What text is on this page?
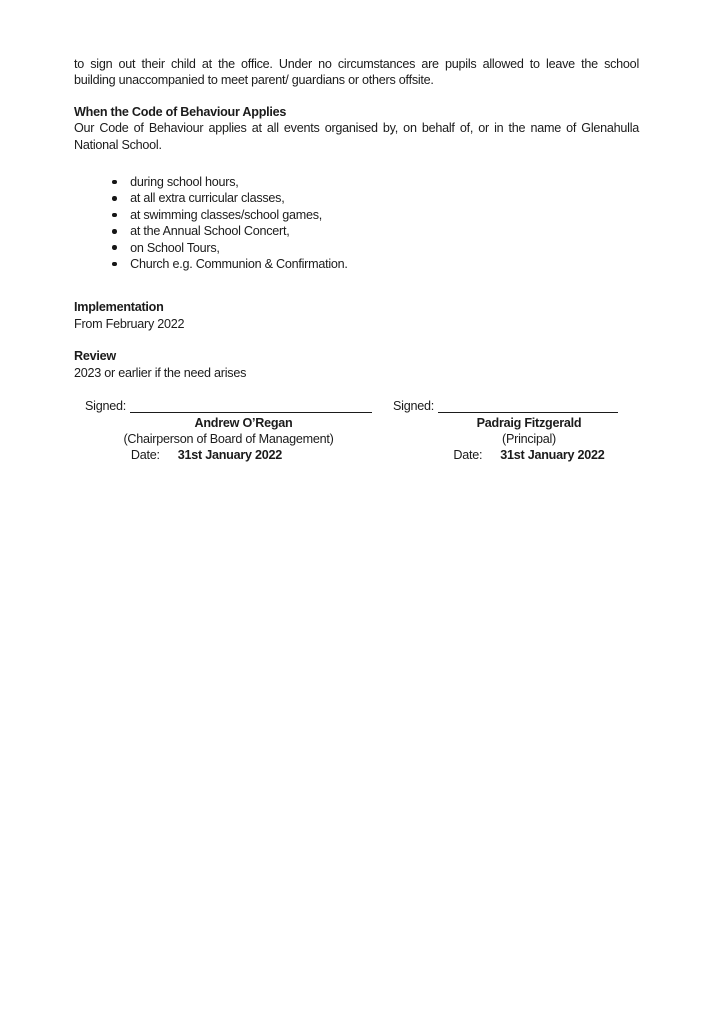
to sign out their child at the office. Under no circumstances are pupils allowed to leave the school
building unaccompanied to meet parent/ guardians or others offsite.
When the Code of Behaviour Applies
Our Code of Behaviour applies at all events organised by, on behalf of, or in the name of Glenahulla
National School.
during school hours,
at all extra curricular classes,
at swimming classes/school games,
at the Annual School Concert,
on School Tours,
Church e.g. Communion & Confirmation.
Implementation
From February 2022
Review
2023 or earlier if the need arises
Signed:
Andrew O’Regan
(Chairperson of Board of Management)
Date: 31st January 2022
Signed:
Padraig Fitzgerald
(Principal)
Date: 31st January 2022
